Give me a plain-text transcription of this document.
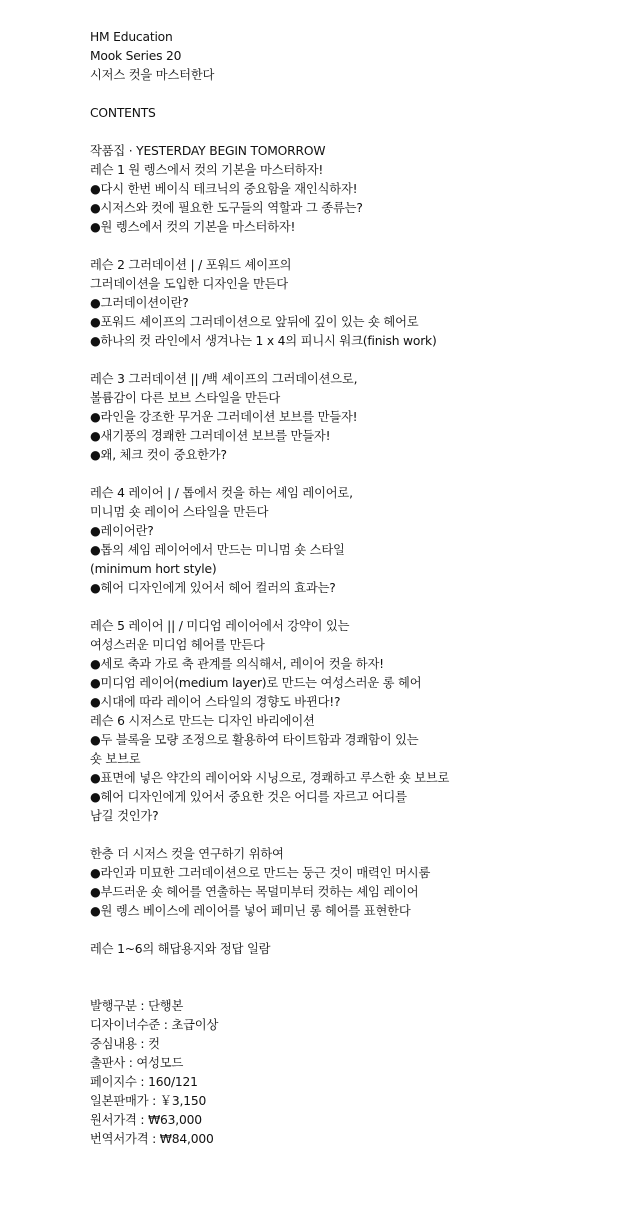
HM Education
Mook Series 20
시저스 컷을 마스터한다
CONTENTS
작품집 · YESTERDAY BEGIN TOMORROW
레슨 1 원 렝스에서 컷의 기본을 마스터하자!
● 다시 한번 베이식 테크닉의 중요함을 재인식하자!
● 시저스와 컷에 필요한 도구들의 역할과 그 종류는?
● 원 렝스에서 컷의 기본을 마스터하자!
레슨 2 그러데이션 | / 포워드 셰이프의
그러데이션을 도입한 디자인을 만든다
● 그러데이션이란?
● 포워드 셰이프의 그러데이션으로 앞뒤에 깊이 있는 숏 헤어로
● 하나의 컷 라인에서 생겨나는 1 x 4의 피니시 워크(finish work)
레슨 3 그러데이션 || /백 셰이프의 그러데이션으로,
볼륨감이 다른 보브 스타일을 만든다
● 라인을 강조한 무거운 그러데이션 보브를 만들자!
● 새기풍의 경쾌한 그러데이션 보브를 만들자!
● 왜, 체크 컷이 중요한가?
레슨 4 레이어 | / 톱에서 컷을 하는 셰임 레이어로,
미니멈 숏 레이어 스타일을 만든다
● 레이어란?
● 톱의 셰임 레이어에서 만드는 미니멈 숏 스타일
(minimum hort style)
● 헤어 디자인에게 있어서 헤어 컬러의 효과는?
레슨 5 레이어 || / 미디엄 레이어에서 강약이 있는
여성스러운 미디엄 헤어를 만든다
● 세로 축과 가로 축 관계를 의식해서, 레이어 컷을 하자!
● 미디엄 레이어(medium layer)로 만드는 여성스러운 롱 헤어
● 시대에 따라 레이어 스타일의 경향도 바뀐다!?
레슨 6 시저스로 만드는 디자인 바리에이션
● 두 블록을 모량 조정으로 활용하여 타이트함과 경쾌함이 있는
숏 보브로
● 표면에 넣은 약간의 레이어와 시닝으로, 경쾌하고 루스한 숏 보브로
● 헤어 디자인에게 있어서 중요한 것은 어디를 자르고 어디를
남길 것인가?
한층 더 시저스 컷을 연구하기 위하여
● 라인과 미묘한 그러데이션으로 만드는 둥근 것이 매력인 머시룸
● 부드러운 숏 헤어를 연출하는 목덜미부터 컷하는 셰임 레이어
● 원 렝스 베이스에 레이어를 넣어 페미닌 롱 헤어를 표현한다
레슨 1~6의 해답용지와 정답 일람
발행구분 : 단행본
디자이너수준 : 초급이상
중심내용 : 컷
출판사 : 여성모드
페이지수 : 160/121
일본판매가 : ￥3,150
원서가격 : ₩63,000
번역서가격 : ₩84,000
